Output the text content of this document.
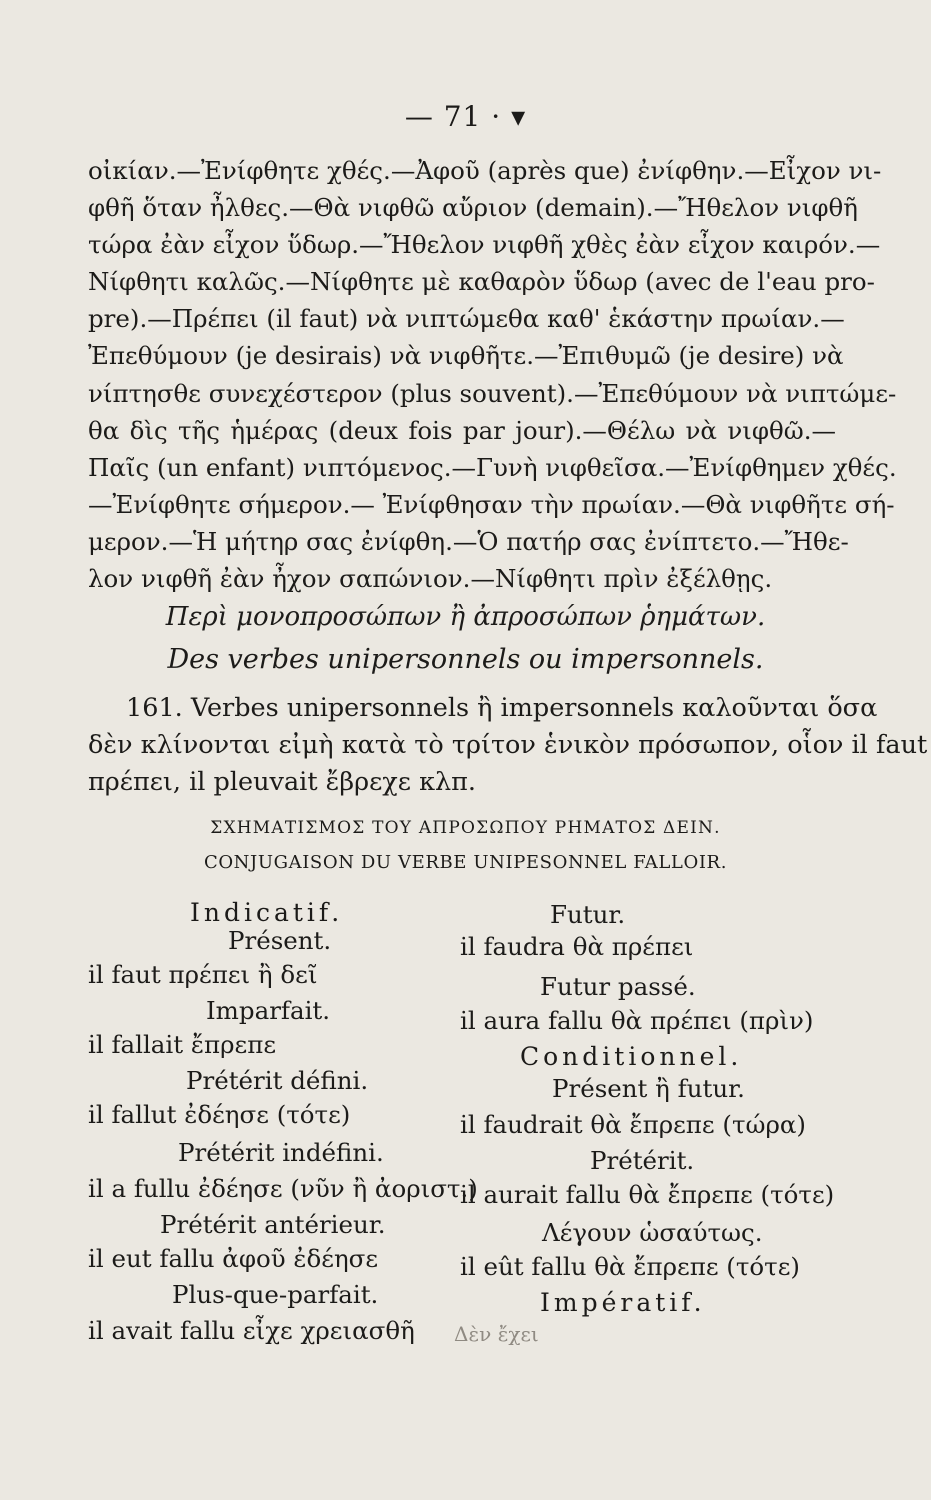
— 71 · ▾
οἰκίαν.—Ἐνίφθητε χθές.—Ἀφοῦ (après que) ἐνίφθην.—Εἶχον νι-
φθῆ ὅταν ἦλθες.—Θὰ νιφθῶ αὔριον (demain).—Ἤθελον νιφθῆ
τώρα ἐὰν εἶχον ὕδωρ.—Ἤθελον νιφθῆ χθὲς ἐὰν εἶχον καιρόν.—
Νίφθητι καλῶς.—Νίφθητε μὲ καθαρὸν ὕδωρ (avec de l'eau pro-
pre).—Πρέπει (il faut) νὰ νιπτώμεθα καθ' ἑκάστην πρωίαν.—
Ἐπεθύμουν (je desirais) νὰ νιφθῆτε.—Ἐπιθυμῶ (je desire) νὰ
νίπτησθε συνεχέστερον (plus souvent).—Ἐπεθύμουν νὰ νιπτώμε-
θα δὶς τῆς ἡμέρας (deux fois par jour).—Θέλω νὰ νιφθῶ.—
Παῖς (un enfant) νιπτόμενος.—Γυνὴ νιφθεῖσα.—Ἐνίφθημεν χθές.
—Ἐνίφθητε σήμερον.— Ἐνίφθησαν τὴν πρωίαν.—Θὰ νιφθῆτε σή-
μερον.—Ἡ μήτηρ σας ἐνίφθη.—Ὁ πατήρ σας ἐνίπτετο.—Ἤθε-
λον νιφθῆ ἐὰν ἦχον σαπώνιον.—Νίφθητι πρὶν ἐξέλθῃς.
Περὶ μονοπροσώπων ἢ ἀπροσώπων ῥημάτων.
Des verbes unipersonnels ou impersonnels.
161. Verbes unipersonnels ἢ impersonnels καλοῦνται ὅσα
δὲν κλίνονται εἰμὴ κατὰ τὸ τρίτον ἑνικὸν πρόσωπον, οἷον il faut
πρέπει, il pleuvait ἔβρεχε κλπ.
ΣΧΗΜΑΤΙΣΜΟΣ ΤΟΥ ΑΠΡΟΣΩΠΟΥ ΡΗΜΑΤΟΣ ΔΕΙΝ.
CONJUGAISON DU VERBE UNIPESONNEL FALLOIR.
Indicatif.
Présent.
il faut πρέπει ἢ δεῖ
Imparfait.
il fallait ἔπρεπε
Prétérit défini.
il fallut ἐδέησε (τότε)
Prétérit indéfini.
il a fullu ἐδέησε (νῦν ἢ ἀοριστ.)
Prétérit antérieur.
il eut fallu ἀφοῦ ἐδέησε
Plus-que-parfait.
il avait fallu εἶχε χρειασθῆ
Futur.
il faudra θὰ πρέπει
Futur passé.
il aura fallu θὰ πρέπει (πρὶν)
Conditionnel.
Présent ἢ futur.
il faudrait θὰ ἔπρεπε (τώρα)
Prétérit.
il aurait fallu θὰ ἔπρεπε (τότε)
Λέγουν ὡσαύτως.
il eût fallu θὰ ἔπρεπε (τότε)
Impératif.
Δὲν ἔχει
